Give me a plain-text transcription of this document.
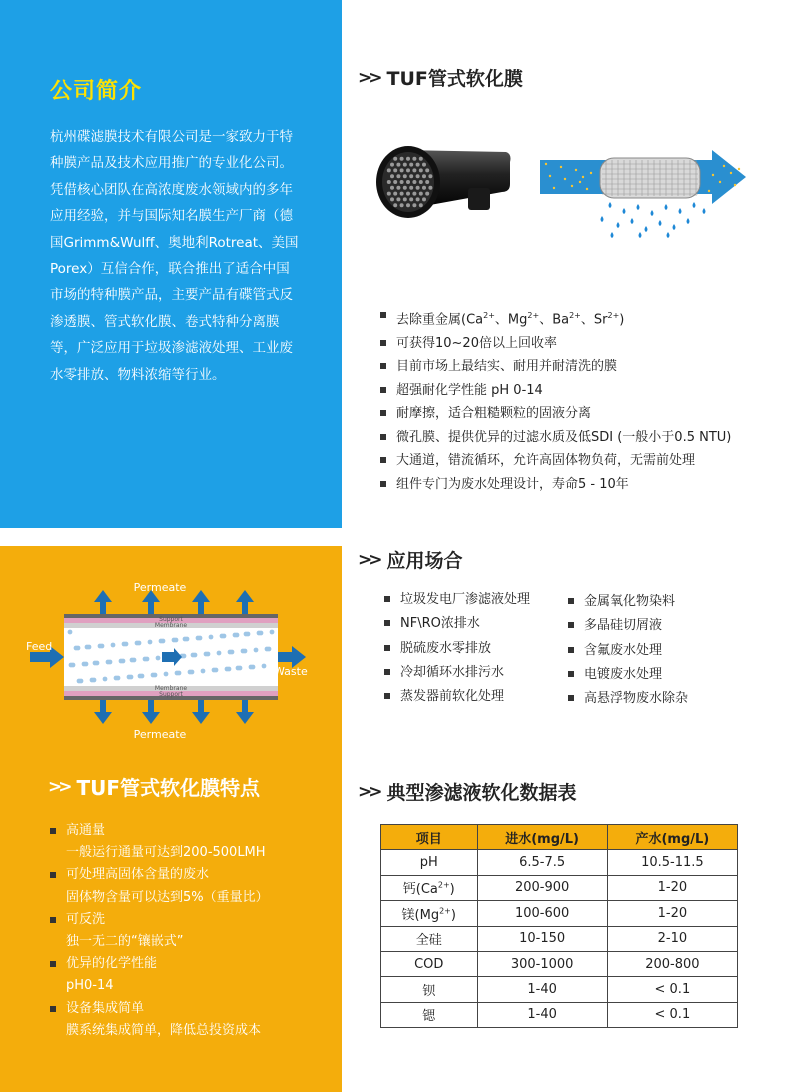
公司简介
杭州碟滤膜技术有限公司是一家致力于特
种膜产品及技术应用推广的专业化公司。
凭借核心团队在高浓度废水领域内的多年
应用经验，并与国际知名膜生产厂商（德
国Grimm&Wulff、奥地利Rotreat、美国
Porex）互信合作，联合推出了适合中国
市场的特种膜产品，主要产品有碟管式反
渗透膜、管式软化膜、卷式特种分离膜
等，广泛应用于垃圾渗滤液处理、工业废
水零排放、物料浓缩等行业。
>> TUF管式软化膜
去除重金属($Ca^{2+}$、$Mg^{2+}$、$Ba^{2+}$、$Sr^{2+}$)
可获得10~20倍以上回收率
目前市场上最结实、耐用并耐清洗的膜
超强耐化学性能 pH 0-14
耐摩擦，适合粗糙颗粒的固液分离
微孔膜、提供优异的过滤水质及低SDI (一般小于0.5 NTU)
大通道，错流循环，允许高固体物负荷，无需前处理
组件专门为废水处理设计，寿命5 - 10年
Support
Membrane
Membrane
Support
Permeate
Permeate
Feed
Waste
>> TUF管式软化膜特点
高通量
一般运行通量可达到200-500LMH
可处理高固体含量的废水
固体物含量可以达到5%（重量比）
可反洗
独一无二的“镶嵌式”
优异的化学性能
pH0-14
设备集成简单
膜系统集成简单，降低总投资成本
>> 应用场合
垃圾发电厂渗滤液处理
NF\RO浓排水
脱硫废水零排放
冷却循环水排污水
蒸发器前软化处理
金属氧化物染料
多晶硅切屑液
含氟废水处理
电镀废水处理
高悬浮物废水除杂
>> 典型渗滤液软化数据表
项目	进水(mg/L)	产水(mg/L)
pH	6.5-7.5	10.5-11.5
钙$(Ca^{2+})$	200-900	1-20
镁$(Mg^{2+})$	100-600	1-20
全硅	10-150	2-10
COD	300-1000	200-800
钡	1-40	< 0.1
锶	1-40	< 0.1
